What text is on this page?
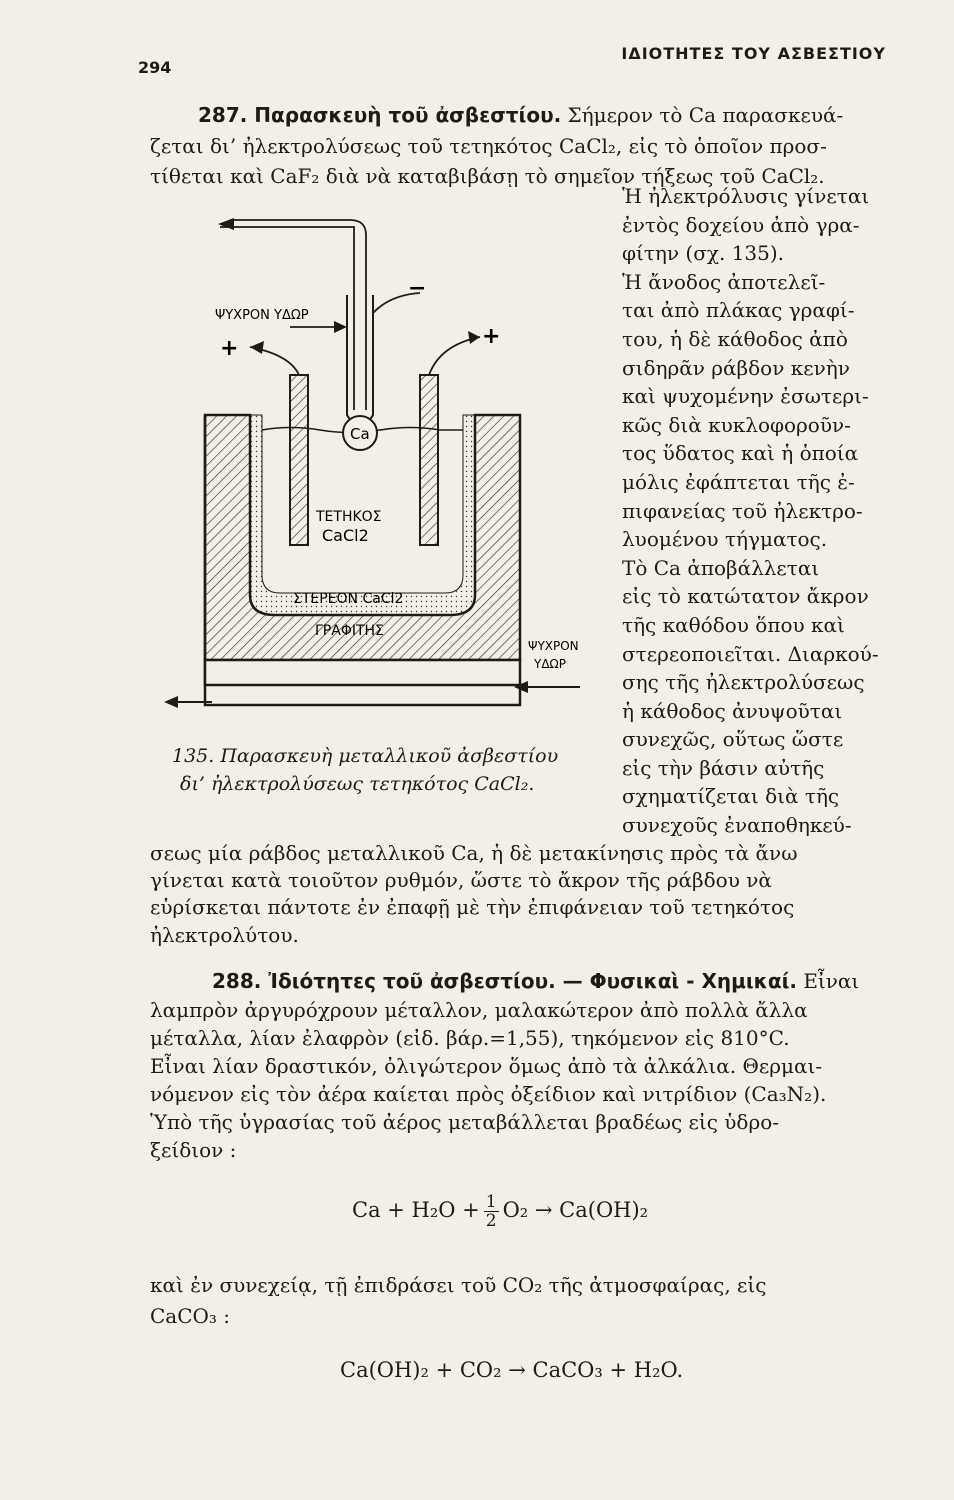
294
ΙΔΙΟΤΗΤΕΣ ΤΟΥ ΑΣΒΕΣΤΙΟΥ
287. Παρασκευὴ τοῦ ἀσβεστίου. Σήμερον τὸ Ca παρασκευά-
ζεται δι’ ἠλεκτρολύσεως τοῦ τετηκότος CaCl₂, εἰς τὸ ὁποῖον προσ-
τίθεται καὶ CaF₂ διὰ νὰ καταβιβάσῃ τὸ σημεῖον τήξεως τοῦ CaCl₂.
Ἡ ἠλεκτρόλυσις γίνεται
ἐντὸς δοχείου ἀπὸ γρα-
φίτην (σχ. 135).
Ἡ ἄνοδος ἀποτελεῖ-
ται ἀπὸ πλάκας γραφί-
του, ἡ δὲ κάθοδος ἀπὸ
σιδηρᾶν ράβδον κενὴν
καὶ ψυχομένην ἐσωτερι-
κῶς διὰ κυκλοφοροῦν-
τος ὕδατος καὶ ἡ ὁποία
μόλις ἐφάπτεται τῆς ἐ-
πιφανείας τοῦ ἠλεκτρο-
λυομένου τήγματος.
Τὸ Ca ἀποβάλλεται
εἰς τὸ κατώτατον ἄκρον
τῆς καθόδου ὅπου καὶ
στερεοποιεῖται. Διαρκού-
σης τῆς ἠλεκτρολύσεως
ἡ κάθοδος ἀνυψοῦται
συνεχῶς, οὕτως ὥστε
εἰς τὴν βάσιν αὐτῆς
σχηματίζεται διὰ τῆς
συνεχοῦς ἐναποθηκεύ-
ΨΥΧΡΟΝ ΥΔΩΡ
+
−
+
Ca
ΤΕΤΗΚΟΣ
CaCl2
ΣΤΕΡΕΟΝ CaCl2
ΓΡΑΦΙΤΗΣ
ΨΥΧΡΟΝ
ΥΔΩΡ
135. Παρασκευὴ μεταλλικοῦ ἀσβεστίου
δι’ ἠλεκτρολύσεως τετηκότος CaCl₂.
σεως μία ράβδος μεταλλικοῦ Ca, ἡ δὲ μετακίνησις πρὸς τὰ ἄνω
γίνεται κατὰ τοιοῦτον ρυθμόν, ὥστε τὸ ἄκρον τῆς ράβδου νὰ
εὑρίσκεται πάντοτε ἐν ἐπαφῇ μὲ τὴν ἐπιφάνειαν τοῦ τετηκότος
ἠλεκτρολύτου.
288. Ἰδιότητες τοῦ ἀσβεστίου. — Φυσικαὶ - Χημικαί. Εἶναι
λαμπρὸν ἀργυρόχρουν μέταλλον, μαλακώτερον ἀπὸ πολλὰ ἄλλα
μέταλλα, λίαν ἐλαφρὸν (εἰδ. βάρ.=1,55), τηκόμενον εἰς 810°C.
Εἶναι λίαν δραστικόν, ὀλιγώτερον ὅμως ἀπὸ τὰ ἀλκάλια. Θερμαι-
νόμενον εἰς τὸν ἀέρα καίεται πρὸς ὀξείδιον καὶ νιτρίδιον (Ca₃N₂).
Ὑπὸ τῆς ὑγρασίας τοῦ ἀέρος μεταβάλλεται βραδέως εἰς ὑδρο-
ξείδιον :
$Ca + H_2O + \frac{1}{2} O_2 \to Ca(OH)_2$
καὶ ἐν συνεχείᾳ, τῇ ἐπιδράσει τοῦ CO₂ τῆς ἀτμοσφαίρας, εἰς
CaCO₃ :
Ca(OH)₂ + CO₂ → CaCO₃ + H₂O.
